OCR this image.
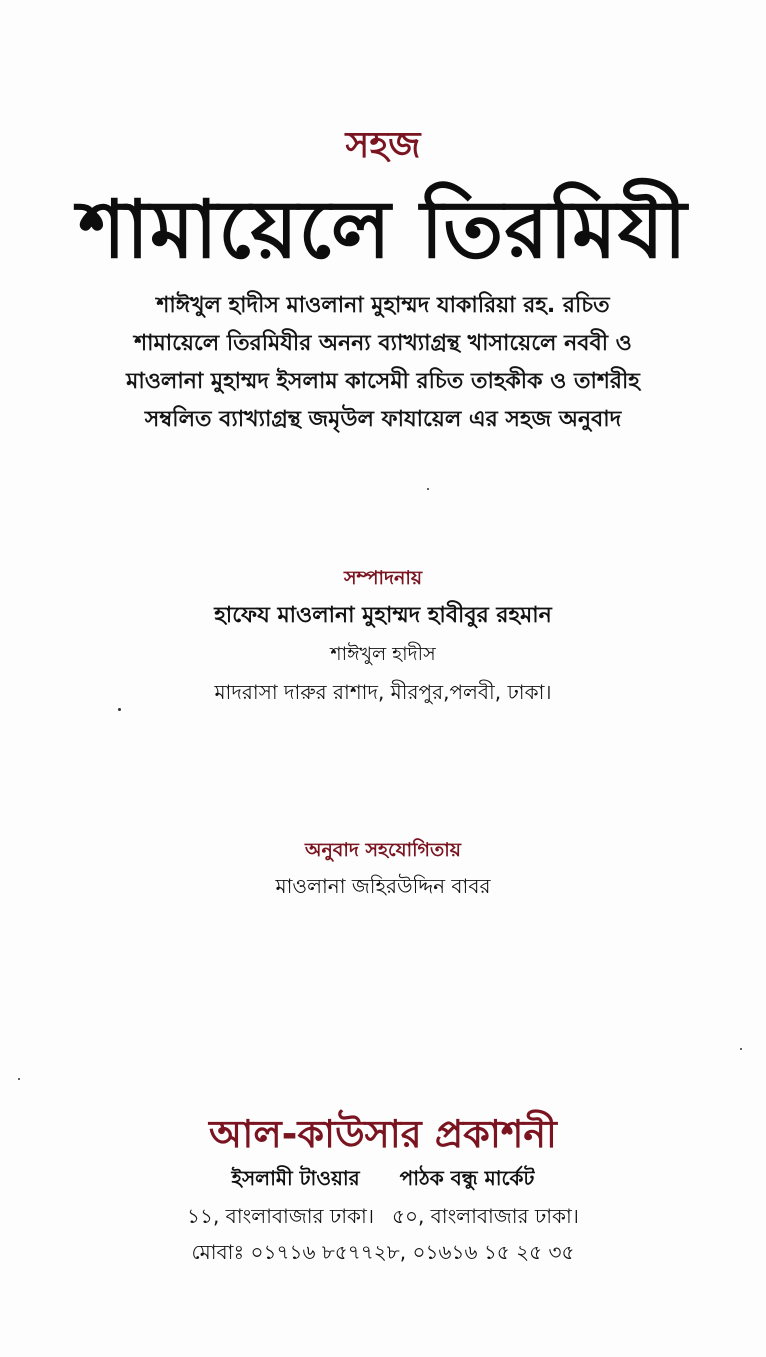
সহজ
শামায়েলে তিরমিযী
শাঈখুল হাদীস মাওলানা মুহাম্মদ যাকারিয়া রহ. রচিত
শামায়েলে তিরমিযীর অনন্য ব্যাখ্যাগ্রন্থ খাসায়েলে নববী ও
মাওলানা মুহাম্মদ ইসলাম কাসেমী রচিত তাহকীক ও তাশরীহ
সম্বলিত ব্যাখ্যাগ্রন্থ জমৃউল ফাযায়েল এর সহজ অনুবাদ
সম্পাদনায়
হাফেয মাওলানা মুহাম্মদ হাবীবুর রহমান
শাঈখুল হাদীস
মাদরাসা দারুর রাশাদ, মীরপুর,পলবী, ঢাকা।
অনুবাদ সহযোগিতায়
মাওলানা জহিরউদ্দিন বাবর
আল-কাউসার প্রকাশনী
ইসলামী টাওয়ার পাঠক বন্ধু মার্কেট
১১, বাংলাবাজার ঢাকা। ৫০, বাংলাবাজার ঢাকা।
মোবাঃ ০১৭১৬ ৮৫৭৭২৮, ০১৬১৬ ১৫ ২৫ ৩৫
